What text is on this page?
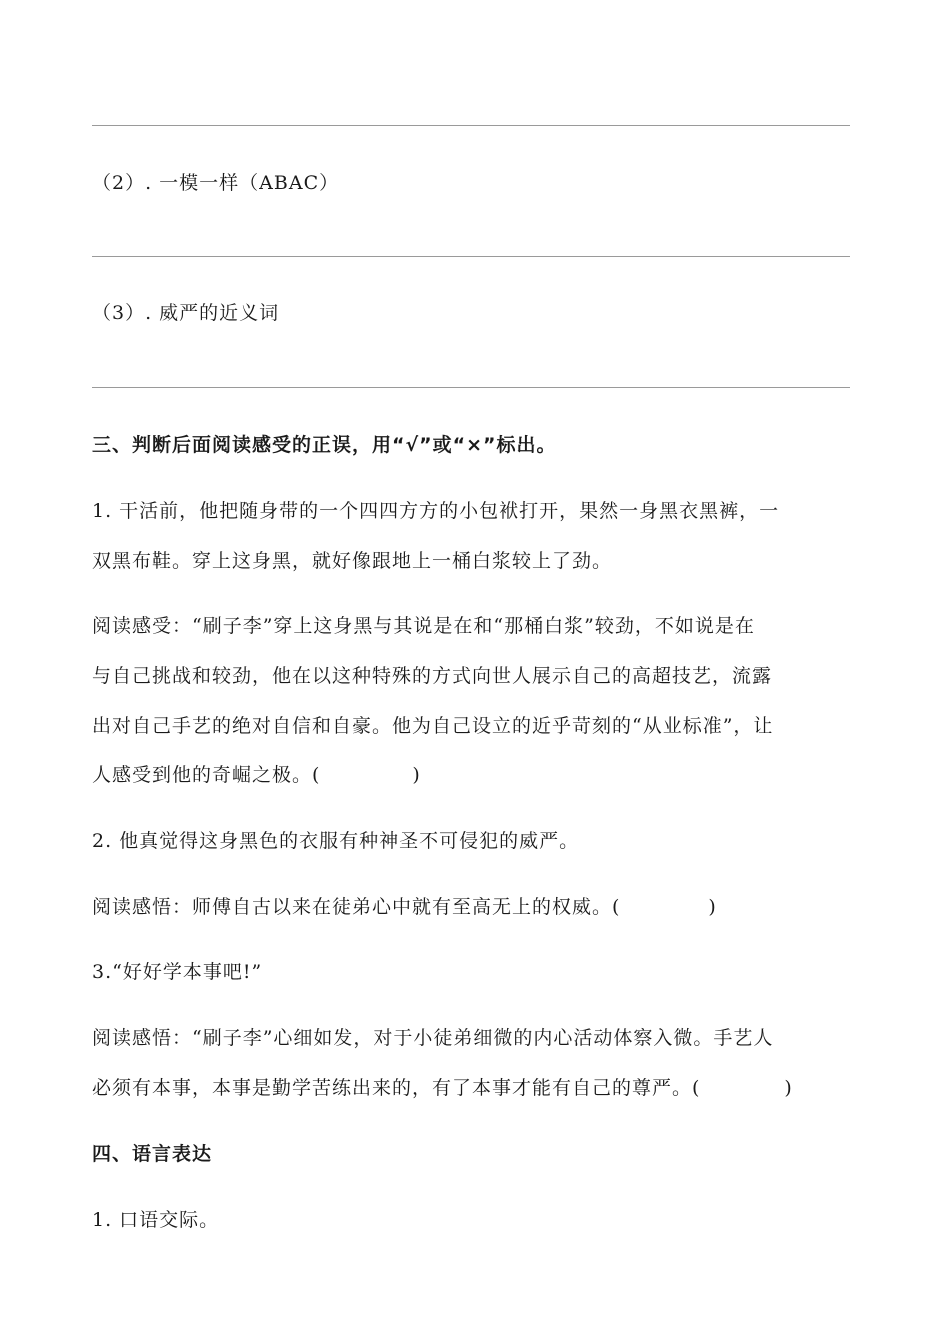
（2）. 一模一样（ABAC）
（3）. 威严的近义词
三、判断后面阅读感受的正误，用“√”或“×”标出。
1. 干活前，他把随身带的一个四四方方的小包袱打开，果然一身黑衣黑裤，一
双黑布鞋。穿上这身黑，就好像跟地上一桶白浆较上了劲。
阅读感受：“刷子李”穿上这身黑与其说是在和“那桶白浆”较劲，不如说是在
与自己挑战和较劲，他在以这种特殊的方式向世人展示自己的高超技艺，流露
出对自己手艺的绝对自信和自豪。他为自己设立的近乎苛刻的“从业标准”，让
人感受到他的奇崛之极。(	)
2. 他真觉得这身黑色的衣服有种神圣不可侵犯的威严。
阅读感悟：师傅自古以来在徒弟心中就有至高无上的权威。(	)
3.“好好学本事吧!”
阅读感悟：“刷子李”心细如发，对于小徒弟细微的内心活动体察入微。手艺人
必须有本事，本事是勤学苦练出来的，有了本事才能有自己的尊严。(	)
四、语言表达
1. 口语交际。
